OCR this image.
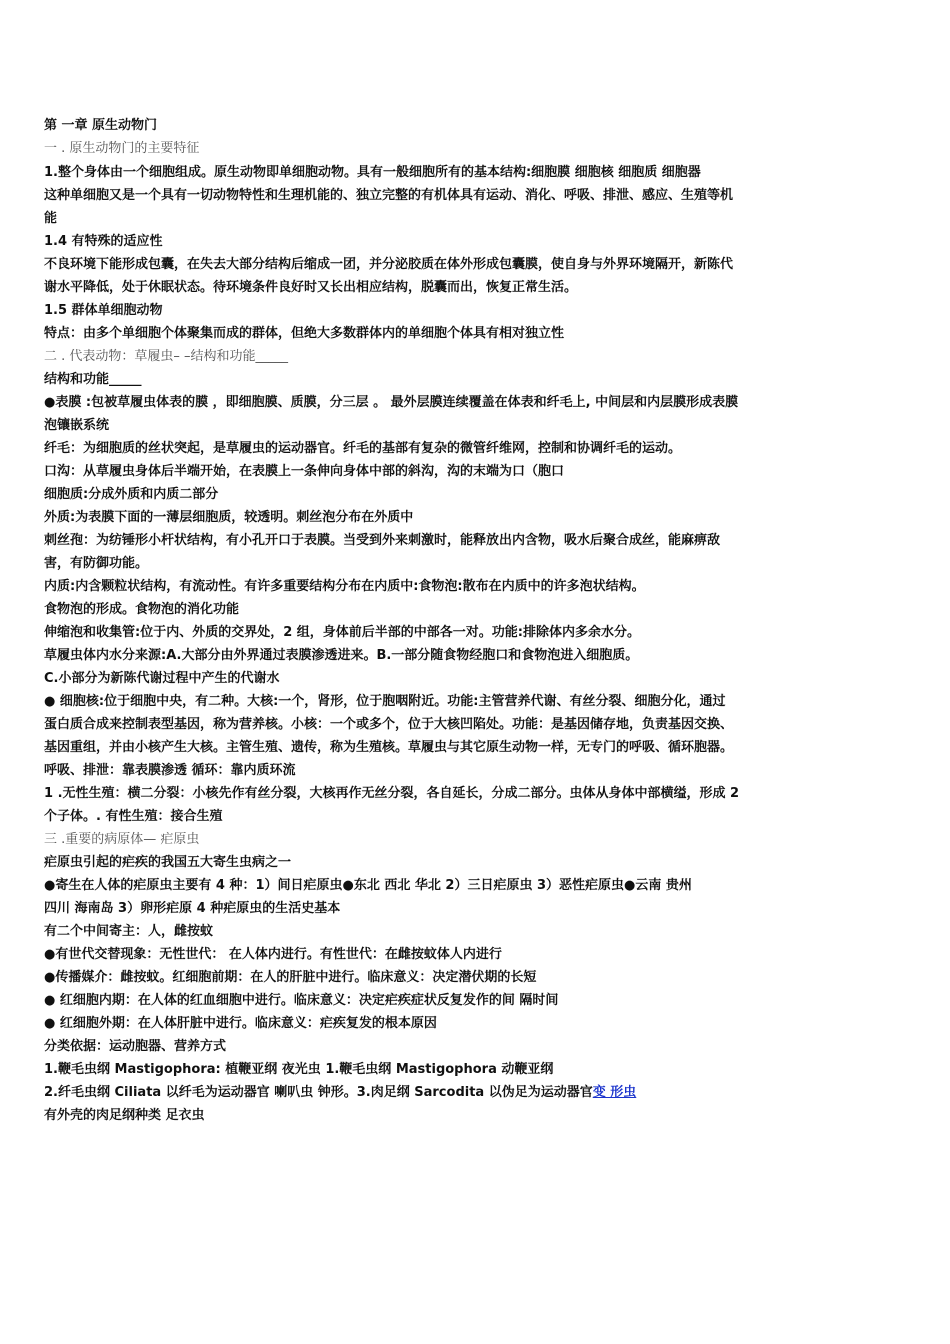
第 一章 原生动物门
一 . 原生动物门的主要特征
1.整个身体由一个细胞组成。原生动物即单细胞动物。具有一般细胞所有的基本结构:细胞膜 细胞核 细胞质 细胞器
这种单细胞又是一个具有一切动物特性和生理机能的、独立完整的有机体具有运动、消化、呼吸、排泄、感应、生殖等机
能
1.4 有特殊的适应性
不良环境下能形成包囊，在失去大部分结构后缩成一团，并分泌胶质在体外形成包囊膜，使自身与外界环境隔开，新陈代
谢水平降低，处于休眠状态。待环境条件良好时又长出相应结构，脱囊而出，恢复正常生活。
1.5 群体单细胞动物
特点：由多个单细胞个体聚集而成的群体，但绝大多数群体内的单细胞个体具有相对独立性
二 . 代表动物：草履虫– –结构和功能_____
结构和功能_____
●表膜 :包被草履虫体表的膜 ，即细胞膜、质膜，分三层 。 最外层膜连续覆盖在体表和纤毛上, 中间层和内层膜形成表膜
泡镶嵌系统
纤毛：为细胞质的丝状突起，是草履虫的运动器官。纤毛的基部有复杂的微管纤维网，控制和协调纤毛的运动。
口沟：从草履虫身体后半端开始，在表膜上一条伸向身体中部的斜沟，沟的末端为口（胞口
细胞质:分成外质和内质二部分
外质:为表膜下面的一薄层细胞质，较透明。刺丝泡分布在外质中
刺丝孢：为纺锤形小杆状结构，有小孔开口于表膜。当受到外来刺激时，能释放出内含物，吸水后聚合成丝，能麻痹敌
害，有防御功能。
内质:内含颗粒状结构，有流动性。有许多重要结构分布在内质中:食物泡:散布在内质中的许多泡状结构。
食物泡的形成。食物泡的消化功能
伸缩泡和收集管:位于内、外质的交界处，2 组，身体前后半部的中部各一对。功能:排除体内多余水分。
草履虫体内水分来源:A.大部分由外界通过表膜渗透进来。B.一部分随食物经胞口和食物泡进入细胞质。
C.小部分为新陈代谢过程中产生的代谢水
● 细胞核:位于细胞中央，有二种。大核:一个，肾形，位于胞咽附近。功能:主管营养代谢、有丝分裂、细胞分化，通过
蛋白质合成来控制表型基因，称为营养核。小核：一个或多个，位于大核凹陷处。功能：是基因储存地，负责基因交换、
基因重组，并由小核产生大核。主管生殖、遗传，称为生殖核。草履虫与其它原生动物一样，无专门的呼吸、循环胞器。
呼吸、排泄：靠表膜渗透 循环：靠内质环流
1 .无性生殖：横二分裂：小核先作有丝分裂，大核再作无丝分裂，各自延长，分成二部分。虫体从身体中部横缢，形成 2
个子体。. 有性生殖：接合生殖
三 .重要的病原体— 疟原虫
疟原虫引起的疟疾的我国五大寄生虫病之一
●寄生在人体的疟原虫主要有 4 种：1）间日疟原虫●东北 西北 华北 2）三日疟原虫 3）恶性疟原虫●云南 贵州
四川 海南岛 3）卵形疟原 4 种疟原虫的生活史基本
有二个中间寄主：人，雌按蚊
●有世代交替现象：无性世代： 在人体内进行。有性世代：在雌按蚊体人内进行
●传播媒介：雌按蚊。红细胞前期：在人的肝脏中进行。临床意义：决定潜伏期的长短
● 红细胞内期：在人体的红血细胞中进行。临床意义：决定疟疾症状反复发作的间 隔时间
● 红细胞外期：在人体肝脏中进行。临床意义：疟疾复发的根本原因
分类依据：运动胞器、营养方式
1.鞭毛虫纲 Mastigophora: 植鞭亚纲 夜光虫 1.鞭毛虫纲 Mastigophora 动鞭亚纲
2.纤毛虫纲 Ciliata 以纤毛为运动器官 喇叭虫 钟形。3.肉足纲 Sarcodita 以伪足为运动器官变 形虫
有外壳的肉足纲种类 足衣虫
